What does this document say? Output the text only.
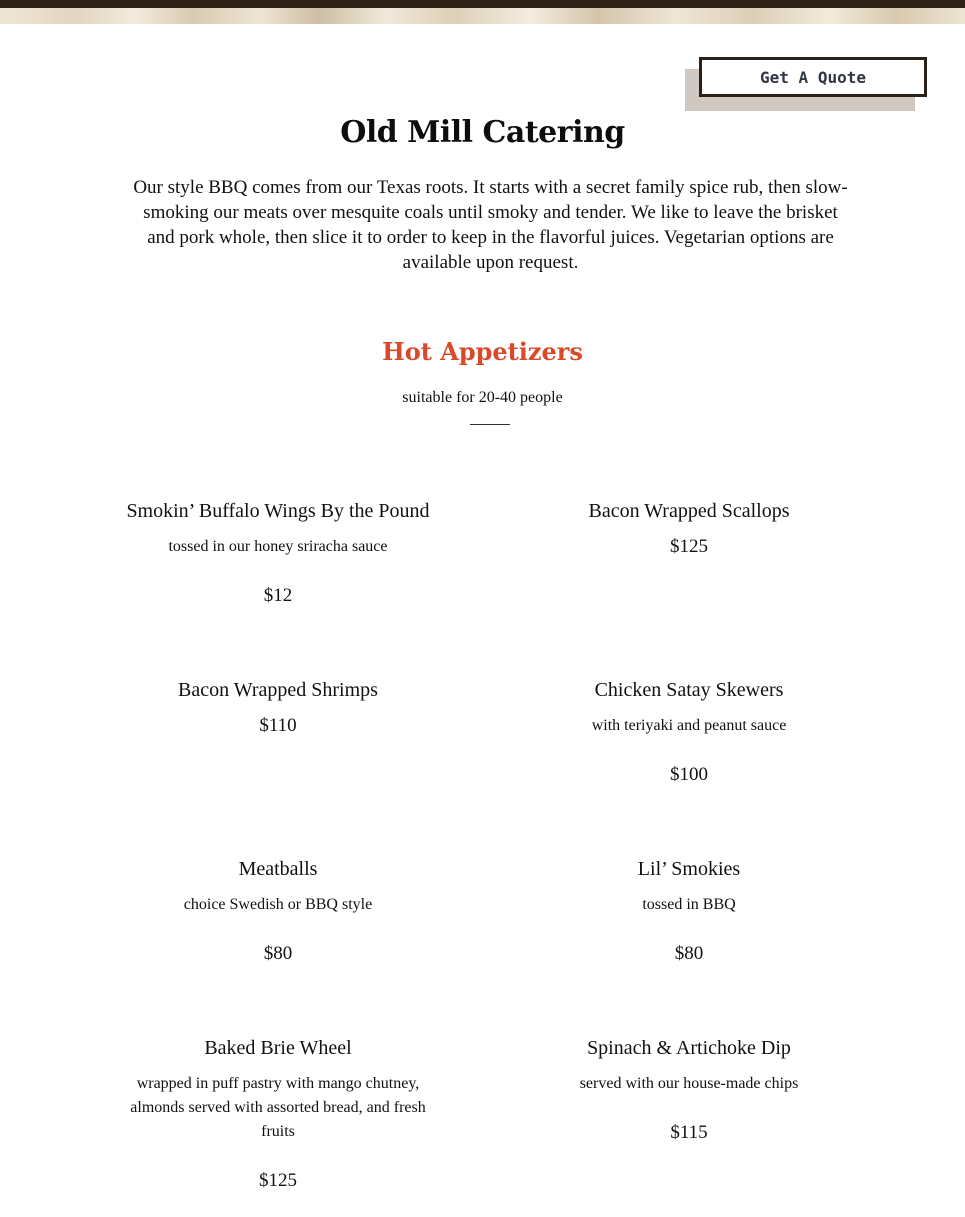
Get A Quote
Old Mill Catering

Our style BBQ comes from our Texas roots. It starts with a secret family spice rub, then slow-smoking our meats over mesquite coals until smoky and tender. We like to leave the brisket and pork whole, then slice it to order to keep in the flavorful juices. Vegetarian options are available upon request.

Hot Appetizers
suitable for 20-40 people
Smokin’ Buffalo Wings By the Pound
tossed in our honey sriracha sauce
$12
Bacon Wrapped Scallops
$125
Bacon Wrapped Shrimps
$110
Chicken Satay Skewers
with teriyaki and peanut sauce
$100
Meatballs
choice Swedish or BBQ style
$80
Lil’ Smokies
tossed in BBQ
$80
Baked Brie Wheel
wrapped in puff pastry with mango chutney, almonds served with assorted bread, and fresh fruits
$125
Spinach & Artichoke Dip
served with our house-made chips
$115
